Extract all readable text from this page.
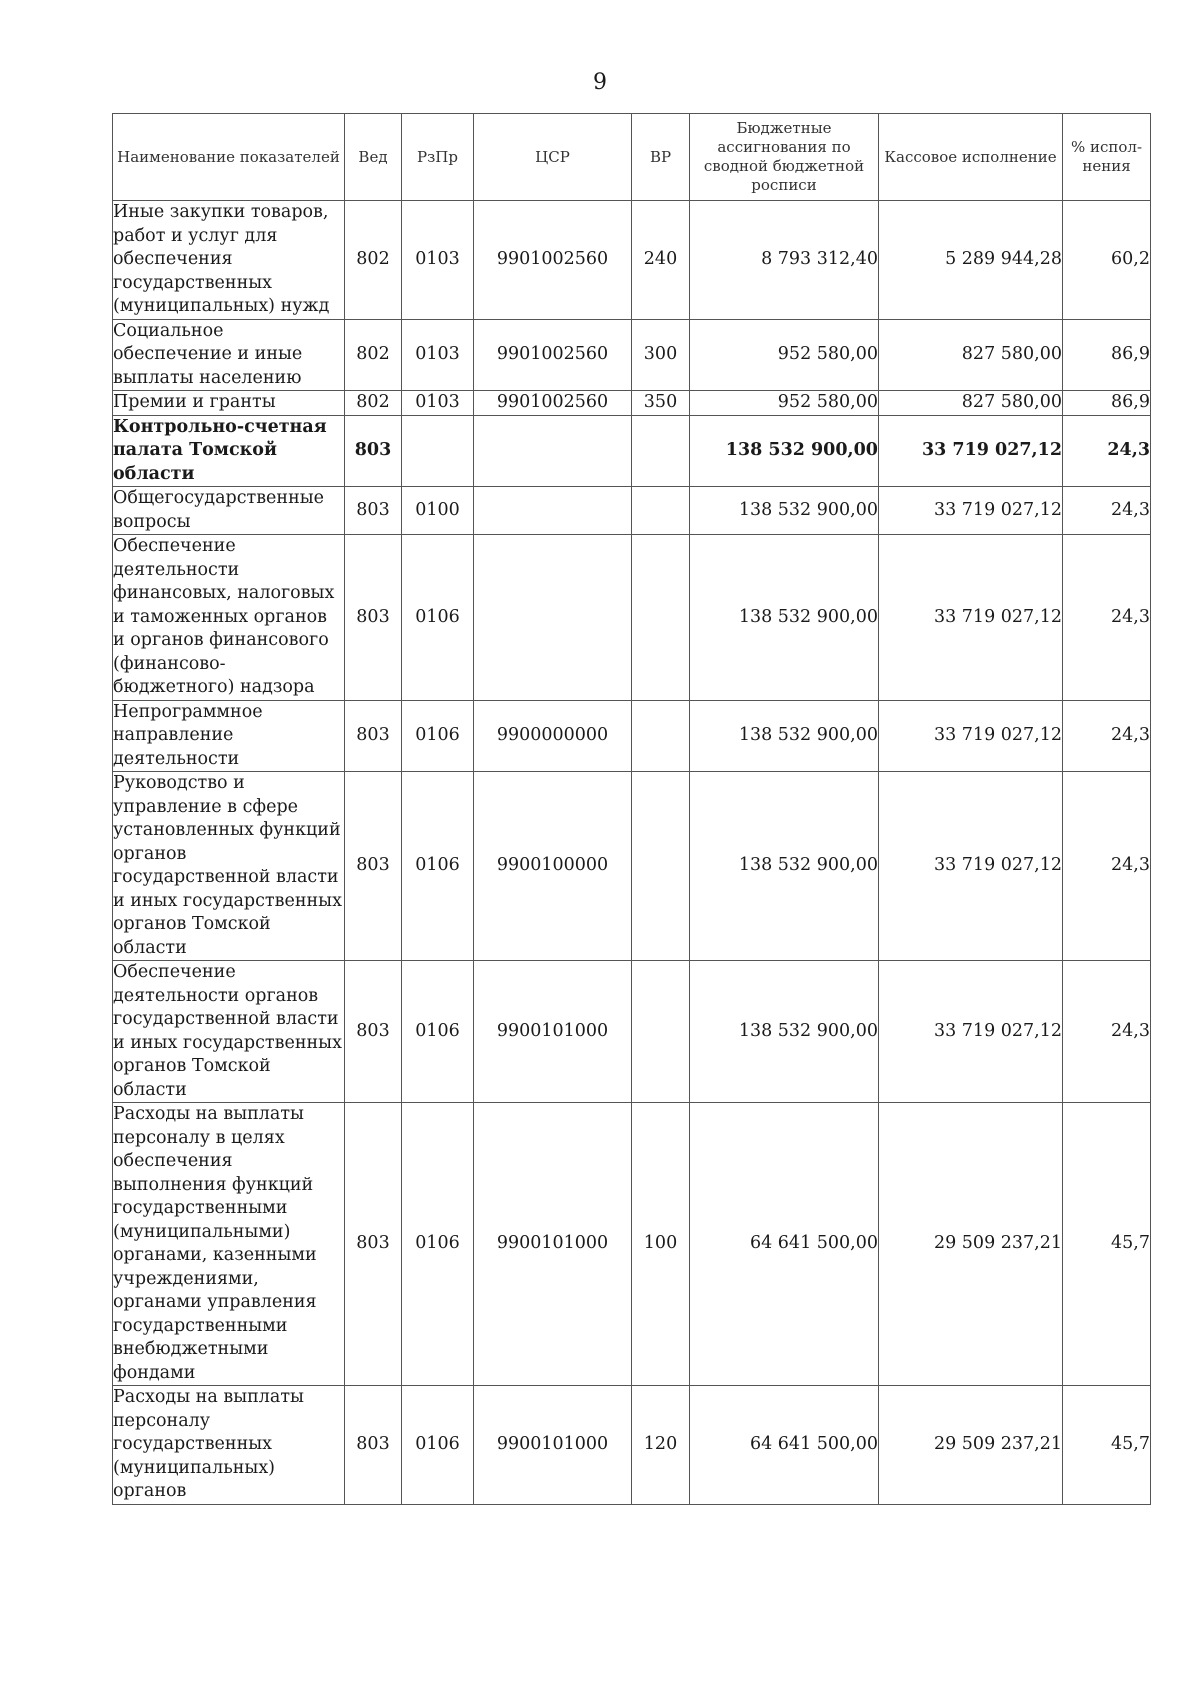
9
Наименование показателей	Вед	РзПр	ЦСР	ВР	Бюджетные ассигнования по сводной бюджетной росписи	Кассовое исполнение	% испол-нения
Иные закупки товаров, работ и услуг для обеспечения государственных (муниципальных) нужд	802	0103	9901002560	240	8 793 312,40	5 289 944,28	60,2
Социальное обеспечение и иные выплаты населению	802	0103	9901002560	300	952 580,00	827 580,00	86,9
Премии и гранты	802	0103	9901002560	350	952 580,00	827 580,00	86,9
Контрольно-счетная палата Томской области	803				138 532 900,00	33 719 027,12	24,3
Общегосударственные вопросы	803	0100			138 532 900,00	33 719 027,12	24,3
Обеспечение деятельности финансовых, налоговых и таможенных органов и органов финансового (финансово-бюджетного) надзора	803	0106			138 532 900,00	33 719 027,12	24,3
Непрограммное направление деятельности	803	0106	9900000000		138 532 900,00	33 719 027,12	24,3
Руководство и управление в сфере установленных функций органов государственной власти и иных государственных органов Томской области	803	0106	9900100000		138 532 900,00	33 719 027,12	24,3
Обеспечение деятельности органов государственной власти и иных государственных органов Томской области	803	0106	9900101000		138 532 900,00	33 719 027,12	24,3
Расходы на выплаты персоналу в целях обеспечения выполнения функций государственными (муниципальными) органами, казенными учреждениями, органами управления государственными внебюджетными фондами	803	0106	9900101000	100	64 641 500,00	29 509 237,21	45,7
Расходы на выплаты персоналу государственных (муниципальных) органов	803	0106	9900101000	120	64 641 500,00	29 509 237,21	45,7
